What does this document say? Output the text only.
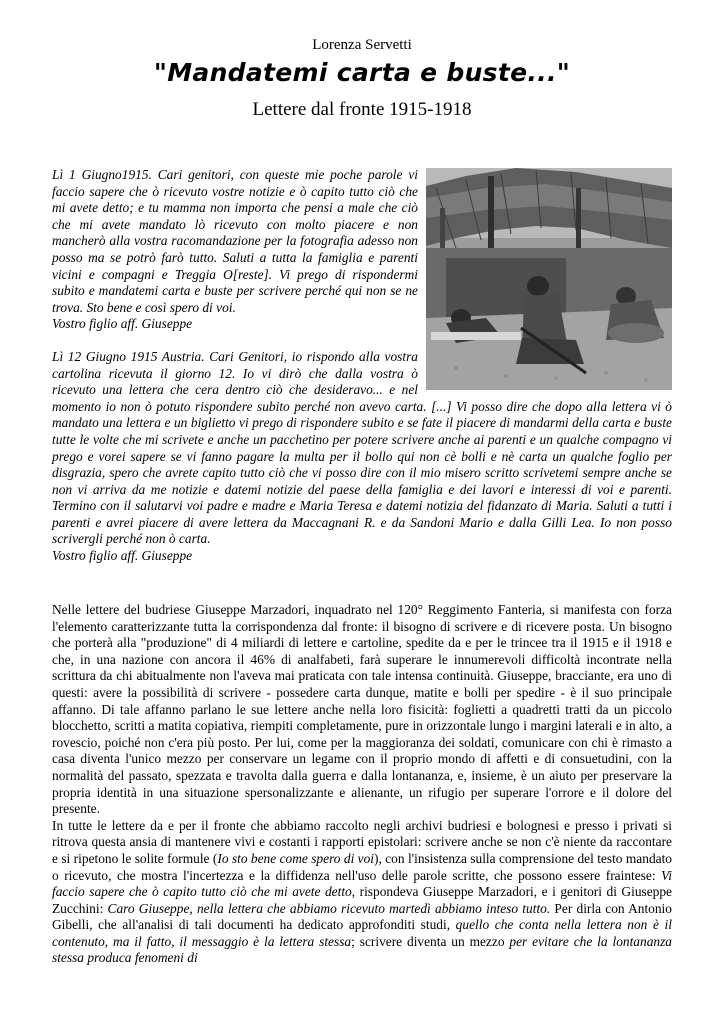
Lorenza Servetti
"Mandatemi carta e buste..."
Lettere dal fronte 1915-1918

Lì 1 Giugno1915. Cari genitori, con queste mie poche parole vi faccio sapere che ò ricevuto vostre notizie e ò capito tutto ciò che mi avete detto; e tu mamma non importa che pensi a male che ciò che mi avete mandato lò ricevuto con molto piacere e non mancherò alla vostra racomandazione per la fotografia adesso non posso ma se potrò farò tutto. Saluti a tutta la famiglia e parenti vicini e compagni e Treggia O[reste]. Vi prego di rispondermi subito e mandatemi carta e buste per scrivere perché qui non se ne trova. Sto bene e così spero di voi.
Vostro figlio aff. Giuseppe

Lì 12 Giugno 1915 Austria. Cari Genitori, io rispondo alla vostra cartolina ricevuta il giorno 12. Io vi dirò che dalla vostra ò ricevuto una lettera che cera dentro ciò che desideravo... e nel momento io non ò potuto rispondere subito perché non avevo carta. [...] Vi posso dire che dopo alla lettera vi ò mandato una lettera e un biglietto vi prego di rispondere subito e se fate il piacere di mandarmi della carta e buste tutte le volte che mi scrivete e anche un pacchetino per potere scrivere anche ai parenti e un qualche compagno vi prego e vorei sapere se vi fanno pagare la multa per il bollo qui non cè bolli e nè carta un qualche foglio per disgrazia, spero che avrete capito tutto ciò che vi posso dire con il mio misero scritto scrivetemi sempre anche se non vi arriva da me notizie e datemi notizie del paese della famiglia e dei lavori e interessi di voi e parenti. Termino con il salutarvi voi padre e madre e Maria Teresa e datemi notizia del fidanzato di Maria. Saluti a tutti i parenti e avrei piacere di avere lettera da Maccagnani R. e da Sandoni Mario e dalla Gilli Lea. Io non posso scrivergli perché non ò carta.
Vostro figlio aff. Giuseppe

Nelle lettere del budriese Giuseppe Marzadori, inquadrato nel 120° Reggimento Fanteria, si manifesta con forza l'elemento caratterizzante tutta la corrispondenza dal fronte: il bisogno di scrivere e di ricevere posta. Un bisogno che porterà alla "produzione" di 4 miliardi di lettere e cartoline, spedite da e per le trincee tra il 1915 e il 1918 e che, in una nazione con ancora il 46% di analfabeti, farà superare le innumerevoli difficoltà incontrate nella scrittura da chi abitualmente non l'aveva mai praticata con tale intensa continuità. Giuseppe, bracciante, era uno di questi: avere la possibilità di scrivere - possedere carta dunque, matite e bolli per spedire - è il suo principale affanno. Di tale affanno parlano le sue lettere anche nella loro fisicità: foglietti a quadretti tratti da un piccolo blocchetto, scritti a matita copiativa, riempiti completamente, pure in orizzontale lungo i margini laterali e in alto, a rovescio, poiché non c'era più posto. Per lui, come per la maggioranza dei soldati, comunicare con chi è rimasto a casa diventa l'unico mezzo per conservare un legame con il proprio mondo di affetti e di consuetudini, con la normalità del passato, spezzata e travolta dalla guerra e dalla lontananza, e, insieme, è un aiuto per preservare la propria identità in una situazione spersonalizzante e alienante, un rifugio per superare l'orrore e il dolore del presente.

In tutte le lettere da e per il fronte che abbiamo raccolto negli archivi budriesi e bolognesi e presso i privati si ritrova questa ansia di mantenere vivi e costanti i rapporti epistolari: scrivere anche se non c'è niente da raccontare e si ripetono le solite formule (Io sto bene come spero di voi), con l'insistenza sulla comprensione del testo mandato o ricevuto, che mostra l'incertezza e la diffidenza nell'uso delle parole scritte, che possono essere fraintese: Vi faccio sapere che ò capito tutto ciò che mi avete detto, rispondeva Giuseppe Marzadori, e i genitori di Giuseppe Zucchini: Caro Giuseppe, nella lettera che abbiamo ricevuto martedì abbiamo inteso tutto. Per dirla con Antonio Gibelli, che all'analisi di tali documenti ha dedicato approfonditi studi, quello che conta nella lettera non è il contenuto, ma il fatto, il messaggio è la lettera stessa; scrivere diventa un mezzo per evitare che la lontananza stessa produca fenomeni di
